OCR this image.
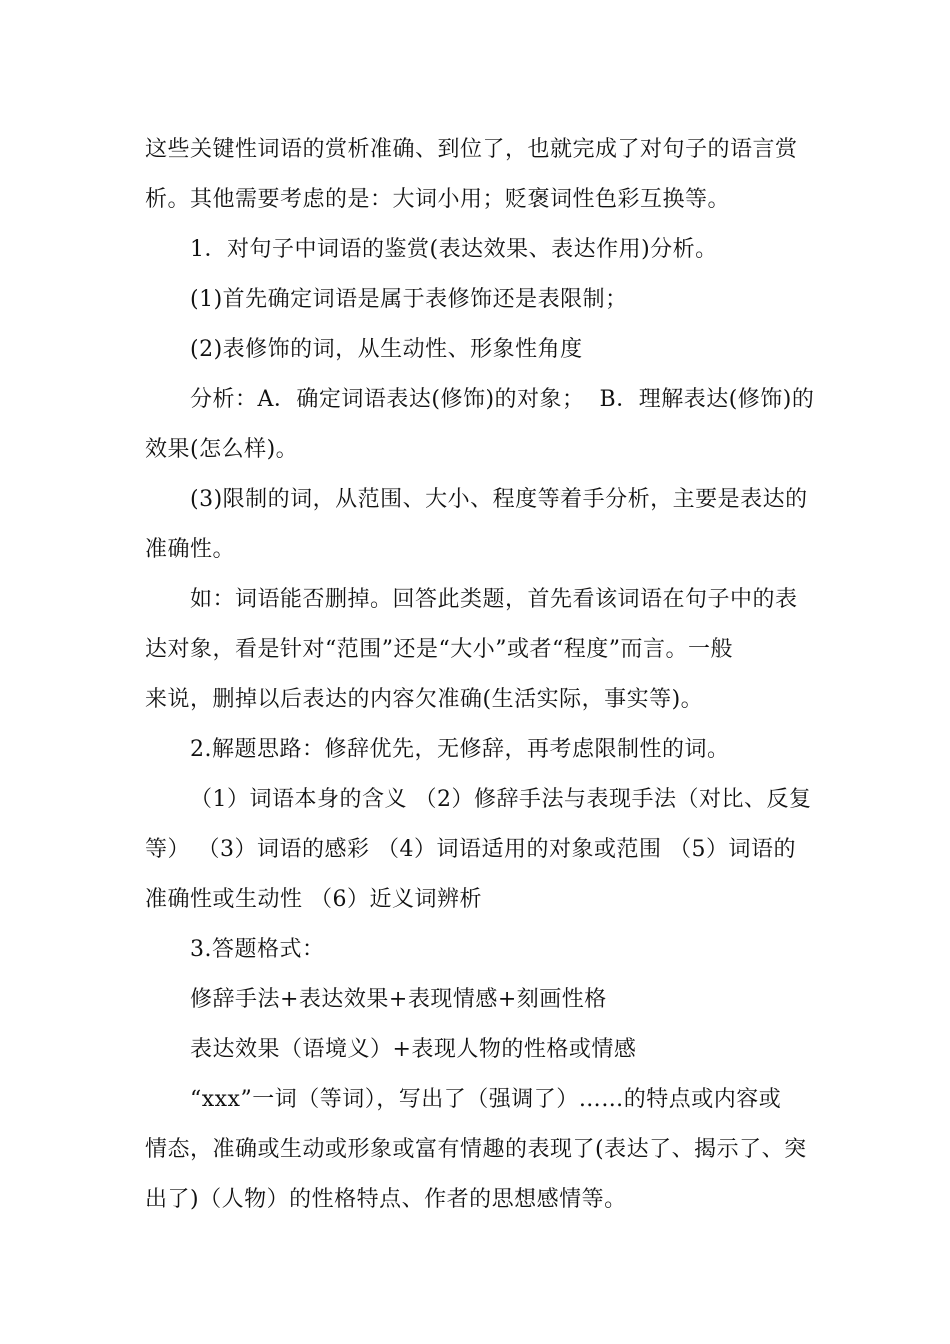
这些关键性词语的赏析准确、到位了，也就完成了对句子的语言赏
析。其他需要考虑的是：大词小用；贬褒词性色彩互换等。
1．对句子中词语的鉴赏(表达效果、表达作用)分析。
(1)首先确定词语是属于表修饰还是表限制；
(2)表修饰的词，从生动性、形象性角度
分析：A．确定词语表达(修饰)的对象；  B．理解表达(修饰)的
效果(怎么样)。
(3)限制的词，从范围、大小、程度等着手分析，主要是表达的
准确性。
如：词语能否删掉。回答此类题，首先看该词语在句子中的表
达对象，看是针对“范围”还是“大小”或者“程度”而言。一般
来说，删掉以后表达的内容欠准确(生活实际，事实等)。
2.解题思路：修辞优先，无修辞，再考虑限制性的词。
（1）词语本身的含义 （2）修辞手法与表现手法（对比、反复
等） （3）词语的感彩 （4）词语适用的对象或范围 （5）词语的
准确性或生动性 （6）近义词辨析
3.答题格式：
修辞手法+表达效果+表现情感+刻画性格
表达效果（语境义）+表现人物的性格或情感
“xxx”一词（等词），写出了（强调了）……的特点或内容或
情态，准确或生动或形象或富有情趣的表现了(表达了、揭示了、突
出了)（人物）的性格特点、作者的思想感情等。
